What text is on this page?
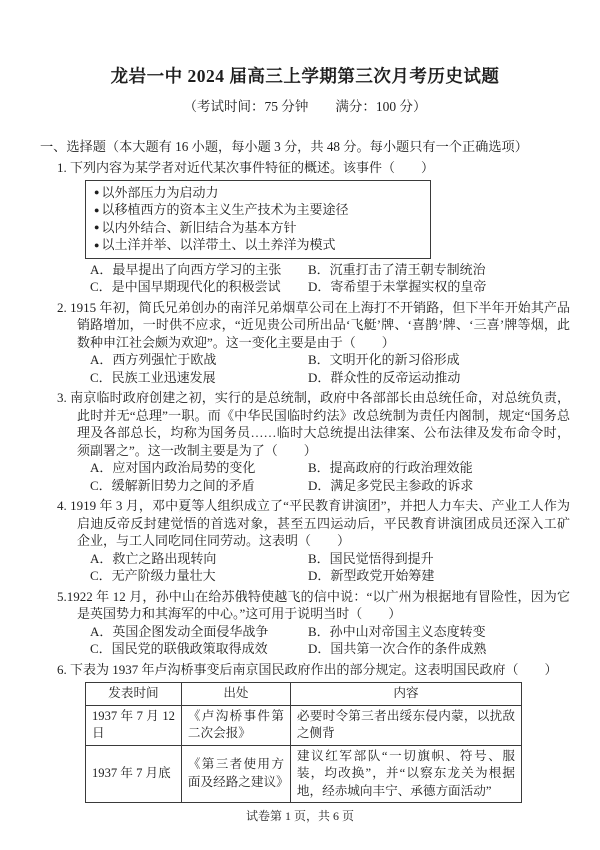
龙岩一中 2024 届高三上学期第三次月考历史试题
（考试时间：75 分钟　　满分：100 分）
一、选择题（本大题有 16 小题，每小题 3 分，共 48 分。每小题只有一个正确选项）
1. 下列内容为某学者对近代某次事件特征的概述。该事件（　　）
● 以外部压力为启动力
● 以移植西方的资本主义生产技术为主要途径
● 以内外结合、新旧结合为基本方针
● 以土洋并举、以洋带土、以土养洋为模式
A．最早提出了向西方学习的主张	B．沉重打击了清王朝专制统治
C．是中国早期现代化的积极尝试	D．寄希望于未掌握实权的皇帝
2. 1915 年初，简氏兄弟创办的南洋兄弟烟草公司在上海打不开销路，但下半年开始其产品销路增加，一时供不应求，“近见贵公司所出品‘飞艇’牌、‘喜鹊’牌、‘三喜’牌等烟，此数种申江社会颇为欢迎”。这一变化主要是由于（　　）
A．西方列强忙于欧战	B．文明开化的新习俗形成
C．民族工业迅速发展	D．群众性的反帝运动推动
3. 南京临时政府创建之初，实行的是总统制，政府中各部部长由总统任命，对总统负责，此时并无“总理”一职。而《中华民国临时约法》改总统制为责任内阁制，规定“国务总理及各部总长，均称为国务员……临时大总统提出法律案、公布法律及发布命令时，须副署之”。这一改制主要是为了（　　）
A．应对国内政治局势的变化	B．提高政府的行政治理效能
C．缓解新旧势力之间的矛盾	D．满足多党民主参政的诉求
4. 1919 年 3 月，邓中夏等人组织成立了“平民教育讲演团”，并把人力车夫、产业工人作为启迪反帝反封建觉悟的首选对象，甚至五四运动后，平民教育讲演团成员还深入工矿企业，与工人同吃同住同劳动。这表明（　　）
A．救亡之路出现转向	B．国民觉悟得到提升
C．无产阶级力量壮大	D．新型政党开始筹建
5.1922 年 12 月，孙中山在给苏俄特使越飞的信中说：“以广州为根据地有冒险性，因为它是英国势力和其海军的中心。”这可用于说明当时（　　）
A．英国企图发动全面侵华战争	B．孙中山对帝国主义态度转变
C．国民党的联俄政策取得成效	D．国共第一次合作的条件成熟
6. 下表为 1937 年卢沟桥事变后南京国民政府作出的部分规定。这表明国民政府（　　）
发表时间	出处	内容
1937 年 7 月 12 日	《卢沟桥事件第二次会报》	必要时令第三者出绥东侵内蒙，以扰敌之侧背
1937 年 7 月底	《第三者使用方面及经路之建议》	建议红军部队“一切旗帜、符号、服装，均改换”，并“以察东龙关为根据地，经赤城向丰宁、承德方面活动”
试卷第 1 页，共 6 页
